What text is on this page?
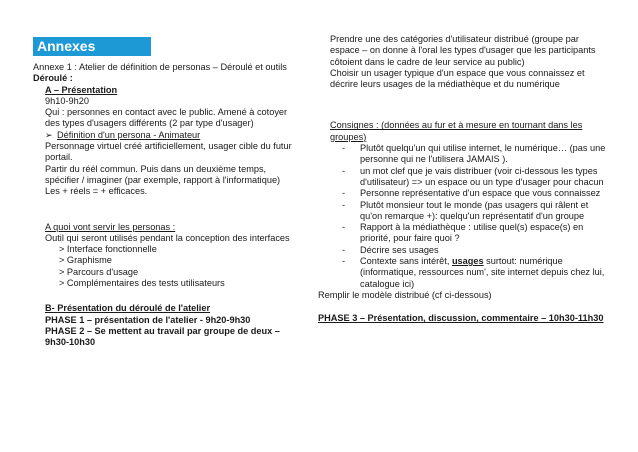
Annexes

Annexe 1 : Atelier de définition de personas – Déroulé et outils

Déroulé :

A – Présentation

9h10-9h20

Qui : personnes en contact avec le public. Amené à cotoyer des types d'usagers différents (2 par type d'usager)

➢ Définition d'un persona - Animateur

Personnage virtuel créé artificiellement, usager cible du futur portail.

Partir du réél commun. Puis dans un deuxième temps, spécifier / imaginer (par exemple, rapport à l'informatique)

Les + réels = + efficaces.

A quoi vont servir les personas :

Outil qui seront utilisés pendant la conception des interfaces

> Interface fonctionnelle

> Graphisme

> Parcours d'usage

> Complémentaires des tests utilisateurs

B- Présentation du déroulé de l'atelier

PHASE 1 – présentation de l'atelier - 9h20-9h30

PHASE 2 – Se mettent au travail par groupe de deux – 9h30-10h30

Prendre une des catégories d'utilisateur distribué (groupe par espace – on donne à l'oral les types d'usager que les participants côtoient dans le cadre de leur service au public)

Choisir un usager typique d'un espace que vous connaissez et décrire leurs usages de la médiathèque et du numérique

Consignes : (données au fur et à mesure en tournant dans les groupes)

-	Plutôt quelqu'un qui utilise internet, le numérique… (pas une personne qui ne l'utilisera JAMAIS ).
-	un mot clef que je vais distribuer (voir ci-dessous les types d'utilisateur) => un espace ou un type d'usager pour chacun
-	Personne représentative d'un espace que vous connaissez
-	Plutôt monsieur tout le monde (pas usagers qui râlent et qu'on remarque +): quelqu'un représentatif d'un groupe
-	Rapport à la médiathèque : utilise quel(s) espace(s) en priorité, pour faire quoi ?
-	Décrire ses usages
-	Contexte sans intérêt, usages surtout: numérique (informatique, ressources num', site internet depuis chez lui, catalogue ici)

Remplir le modèle distribué (cf ci-dessous)

PHASE 3 – Présentation, discussion, commentaire – 10h30-11h30
